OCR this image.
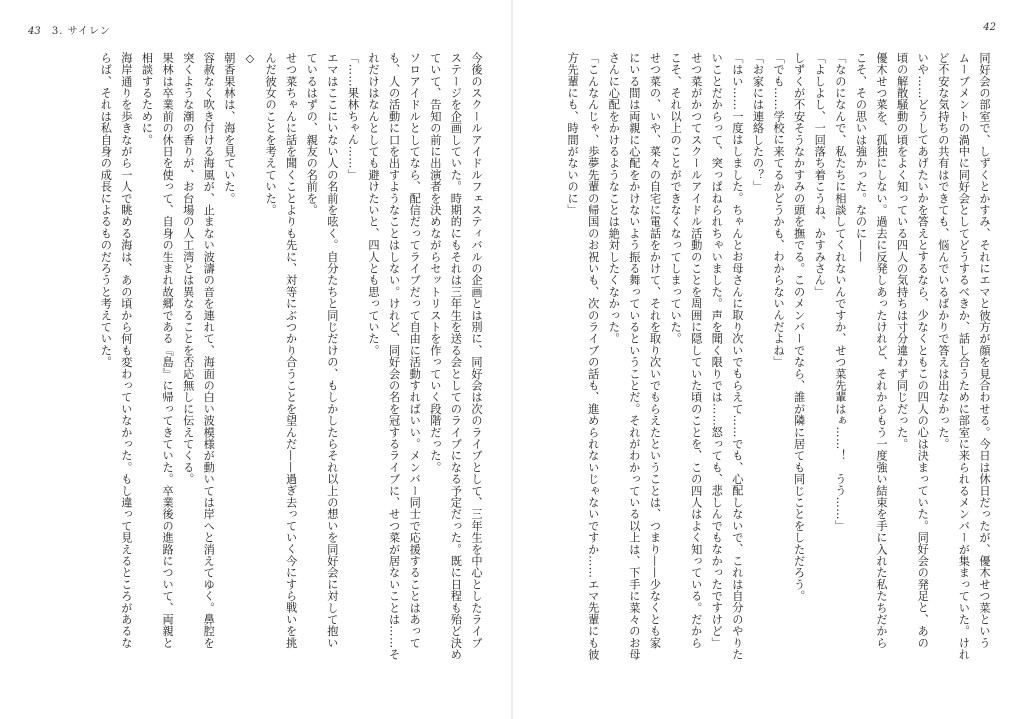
43 3. サイレン

今後のスクールアイドルフェスティバルの企画とは別に、同好会は次のライブとして、三年生を中心としたライブ

ステージを企画していた。時期的にもそれは三年生を送る会としてのライブになる予定だった。既に日程も殆ど決め

ていて、告知の前に出演者を決めながらセットリストを作っていく段階だった。

ソロアイドルとしてなら、配信だってライブだって自由に活動すればいい。メンバー同士で応援することはあって

も、人の活動に口を出すようなことはしない。けれど、同好会の名を冠するライブに、せつ菜が居ないことは……そ

れだけはなんとしても避けたいと、四人とも思っていた。

「……果林ちゃん……」

エマはここにいない人の名前を呟く。自分たちと同じだけの、もしかしたらそれ以上の想いを同好会に対して抱い

ているはずの、親友の名前を。

せつ菜ちゃんに話を聞くことよりも先に、対等にぶつかり合うことを望んだ——過ぎ去っていく今にすら戦いを挑

んだ彼女のことを考えていた。

◇

朝香果林は、海を見ていた。

容赦なく吹き付ける海風が、止まない波濤の音を連れて、海面の白い波模様が動いては岸へと消えてゆく。鼻腔を

突くような潮の香りが、お台場の人工湾とは異なることを否応無しに伝えてくる。

果林は卒業前の休日を使って、自身の生まれ故郷である『島』に帰ってきていた。卒業後の進路について、両親と

相談するために。

海岸通りを歩きながら一人で眺める海は、あの頃から何も変わっていなかった。もし違って見えるところがあるな

らば、それは私自身の成長によるものだろうと考えていた。

42

同好会の部室で、しずくとかすみ、それにエマと彼方が顔を見合わせる。今日は休日だったが、優木せつ菜という

ムーブメントの渦中に同好会としてどうするべきか、話し合うために部室に来られるメンバーが集まっていた。けれ

ど不安な気持ちの共有はできても、悩んでいるばかりで答えは出なかった。

いや……どうしてあげたいかを答えとするなら、少なくともこの四人の心は決まっていた。同好会の発足と、あの

頃の解散騒動の頃をよく知っている四人の気持ちは寸分違わず同じだった。

優木せつ菜を、孤独にしない。過去に反発しあったけれど、それからもう一度強い結束を手に入れた私たちだから

こそ、その思いは強かった。なのに——

「なのになんで、私たちに相談してくれないんですか、せつ菜先輩はぁ……！　うう……」

「よしよし、一回落ち着こうね、かすみさん」

しずくが不安そうなかすみの頭を撫でる。このメンバーでなら、誰が隣に居ても同じことをしただろう。

「でも……学校に来てるかどうかも、わからないんだよね」

「お家には連絡したの？」

「はい……一度はしました。ちゃんとお母さんに取り次いでもらえて……でも、心配しないで、これは自分のやりた

いことだからって、突っぱねられちゃいました。声を聞く限りでは……怒っても、悲しんでもなかったですけど」

せつ菜がかつてスクールアイドル活動のことを周囲に隠していた頃のことを、この四人はよく知っている。だから

こそ、それ以上のことができなくなってしまっていた。

せつ菜の、いや、菜々の自宅に電話をかけて、それを取り次いでもらえたということは、つまり——少なくとも家

にいる間は両親に心配をかけないよう振る舞っているということだ。それがわかっている以上は、下手に菜々のお母

さんに心配をかけるようなことは絶対したくなかった。

「こんなんじゃ、歩夢先輩の帰国のお祝いも、次のライブの話も、進められないじゃないですか……エマ先輩にも彼

方先輩にも、時間がないのに」
